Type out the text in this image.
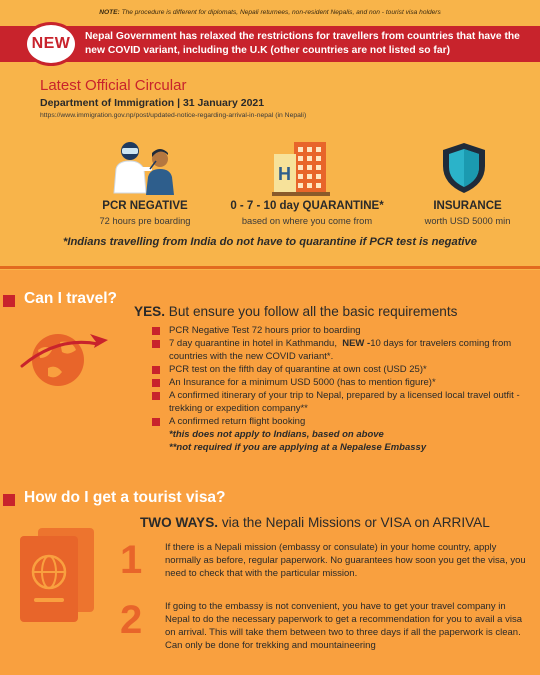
NOTE: The procedure is different for diplomats, Nepali returnees, non-resident Nepalis, and non - tourist visa holders
NEW Nepal Government has relaxed the restrictions for travellers from countries that have the new COVID variant, including the U.K (other countries are not listed so far)
Latest Official Circular
Department of Immigration | 31 January 2021
https://www.immigration.gov.np/post/updated-notice-regarding-arrival-in-nepal (in Nepali)
PCR NEGATIVE
72 hours pre boarding
H
0 - 7 - 10 day QUARANTINE*
based on where you come from
INSURANCE
worth USD 5000 min
*Indians travelling from India do not have to quarantine if PCR test is negative
Can I travel?
YES. But ensure you follow all the basic requirements
PCR Negative Test 72 hours prior to boarding
7 day quarantine in hotel in Kathmandu, NEW -10 days for travelers coming from countries with the new COVID variant*.
PCR test on the fifth day of quarantine at own cost (USD 25)*
An Insurance for a minimum USD 5000 (has to mention figure)*
A confirmed itinerary of your trip to Nepal, prepared by a licensed local travel outfit - trekking or expedition company**
A confirmed return flight booking
*this does not apply to Indians, based on above
**not required if you are applying at a Nepalese Embassy
How do I get a tourist visa?
TWO WAYS. via the Nepali Missions or VISA on ARRIVAL
1 If there is a Nepali mission (embassy or consulate) in your home country, apply normally as before, regular paperwork. No guarantees how soon you get the visa, you need to check that with the particular mission.
2 If going to the embassy is not convenient, you have to get your travel company in Nepal to do the necessary paperwork to get a recommendation for you to avail a visa on arrival. This will take them between two to three days if all the paperwork is clean. Can only be done for trekking and mountaineering
